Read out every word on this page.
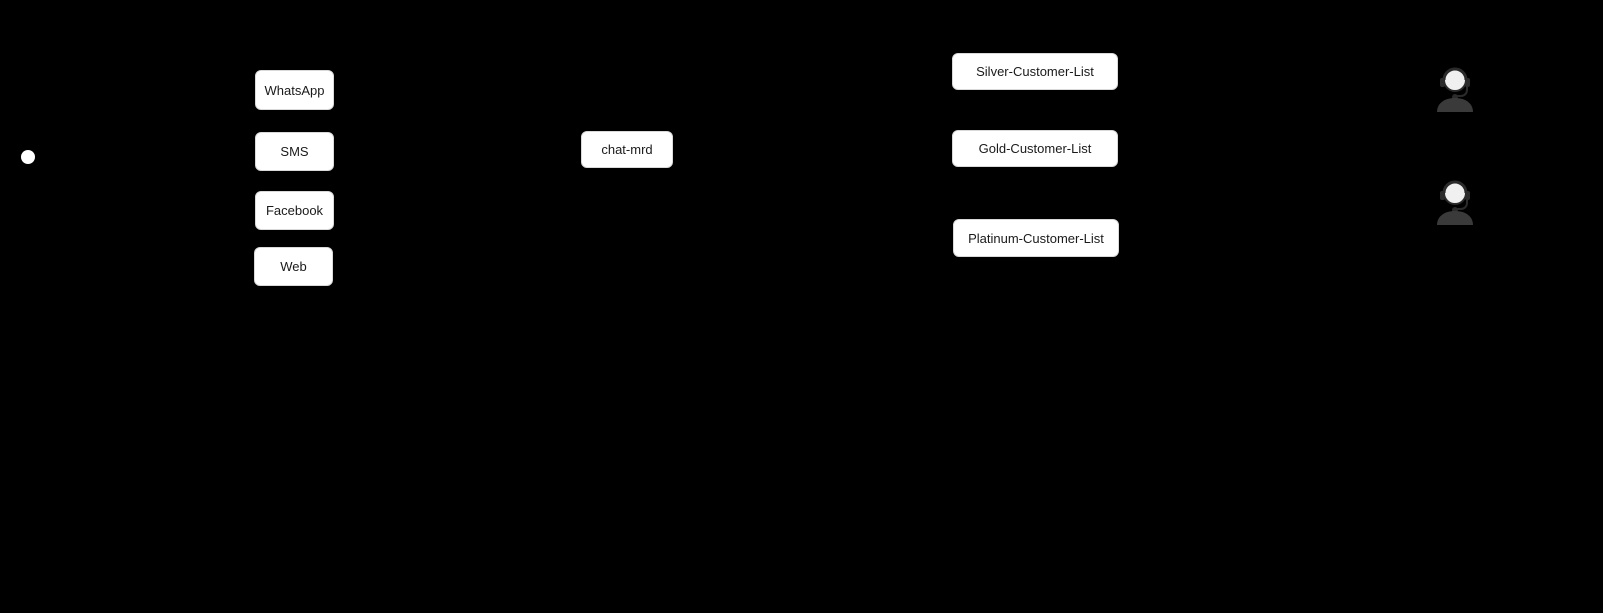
WhatsApp
SMS
Facebook
Web
chat-mrd
Silver-Customer-List
Gold-Customer-List
Platinum-Customer-List
